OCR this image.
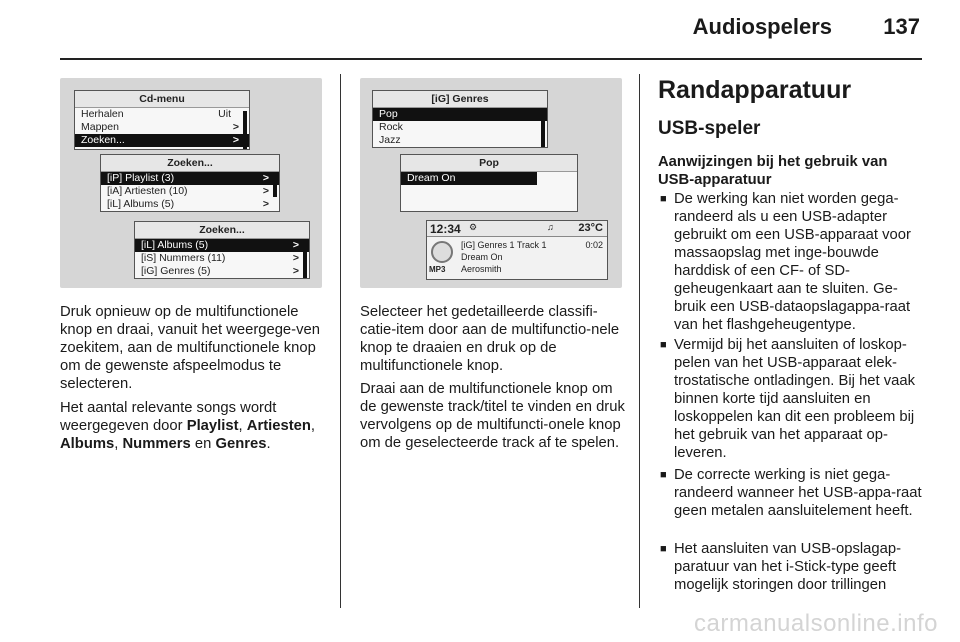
Audiospelers 137
Cd-menu
Herhalen	Uit
Mappen	>
Zoeken...	>
Zoeken...
[iP] Playlist (3)	>
[iA] Artiesten (10)	>
[iL] Albums (5)	>
Zoeken...
[iL] Albums (5)	>
[iS] Nummers (11)	>
[iG] Genres (5)	>
[iG] Genres
Pop
Rock
Jazz
Pop
Dream On
12:34 ⚙	♫ 23°C
MP3
[iG] Genres 1 Track 1	0:02
Dream On
Aerosmith
Druk opnieuw op de multifunctionele knop en draai, vanuit het weergege-ven zoekitem, aan de multifunctionele knop om de gewenste afspeelmodus te selecteren.
Het aantal relevante songs wordt weergegeven door Playlist, Artiesten, Albums, Nummers en Genres.
Selecteer het gedetailleerde classifi-catie-item door aan de multifunctio-nele knop te draaien en druk op de multifunctionele knop.
Draai aan de multifunctionele knop om de gewenste track/titel te vinden en druk vervolgens op de multifuncti-onele knop om de geselecteerde track af te spelen.
Randapparatuur
USB-speler
Aanwijzingen bij het gebruik van USB-apparatuur
■ De werking kan niet worden gega-randeerd als u een USB-adapter gebruikt om een USB-apparaat voor massaopslag met inge-bouwde harddisk of een CF- of SD-geheugenkaart aan te sluiten. Ge-bruik een USB-dataopslagappa-raat van het flashgeheugentype.
■ Vermijd bij het aansluiten of loskop-pelen van het USB-apparaat elek-trostatische ontladingen. Bij het vaak binnen korte tijd aansluiten en loskoppelen kan dit een probleem bij het gebruik van het apparaat op-leveren.
■ De correcte werking is niet gega-randeerd wanneer het USB-appa-raat geen metalen aansluitelement heeft.
■ Het aansluiten van USB-opslagap-paratuur van het i-Stick-type geeft mogelijk storingen door trillingen
carmanualsonline.info
